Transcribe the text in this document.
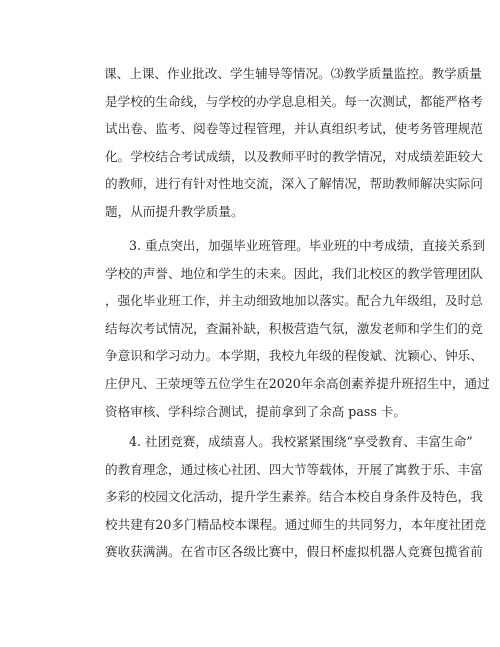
课、上课、作业批改、学生辅导等情况。⑶教学质量监控。教学质量
是学校的生命线，与学校的办学息息相关。每一次测试，都能严格考
试出卷、监考、阅卷等过程管理，并认真组织考试，使考务管理规范
化。学校结合考试成绩，以及教师平时的教学情况，对成绩差距较大
的教师，进行有针对性地交流，深入了解情况，帮助教师解决实际问
题，从而提升教学质量。
3. 重点突出，加强毕业班管理。毕业班的中考成绩，直接关系到
学校的声誉、地位和学生的未来。因此，我们北校区的教学管理团队
，强化毕业班工作，并主动细致地加以落实。配合九年级组，及时总
结每次考试情况，查漏补缺，积极营造气氛，激发老师和学生们的竞
争意识和学习动力。本学期，我校九年级的程俊斌、沈颖心、钟乐、
庄伊凡、王荥埂等五位学生在2020年余高创素养提升班招生中，通过
资格审核、学科综合测试，提前拿到了余高 pass 卡。
4. 社团竞赛，成绩喜人。我校紧紧围绕“享受教育、丰富生命”
的教育理念，通过核心社团、四大节等载体，开展了寓教于乐、丰富
多彩的校园文化活动，提升学生素养。结合本校自身条件及特色，我
校共建有20多门精品校本课程。通过师生的共同努力，本年度社团竞
赛收获满满。在省市区各级比赛中，假日杯虚拟机器人竞赛包揽省前
